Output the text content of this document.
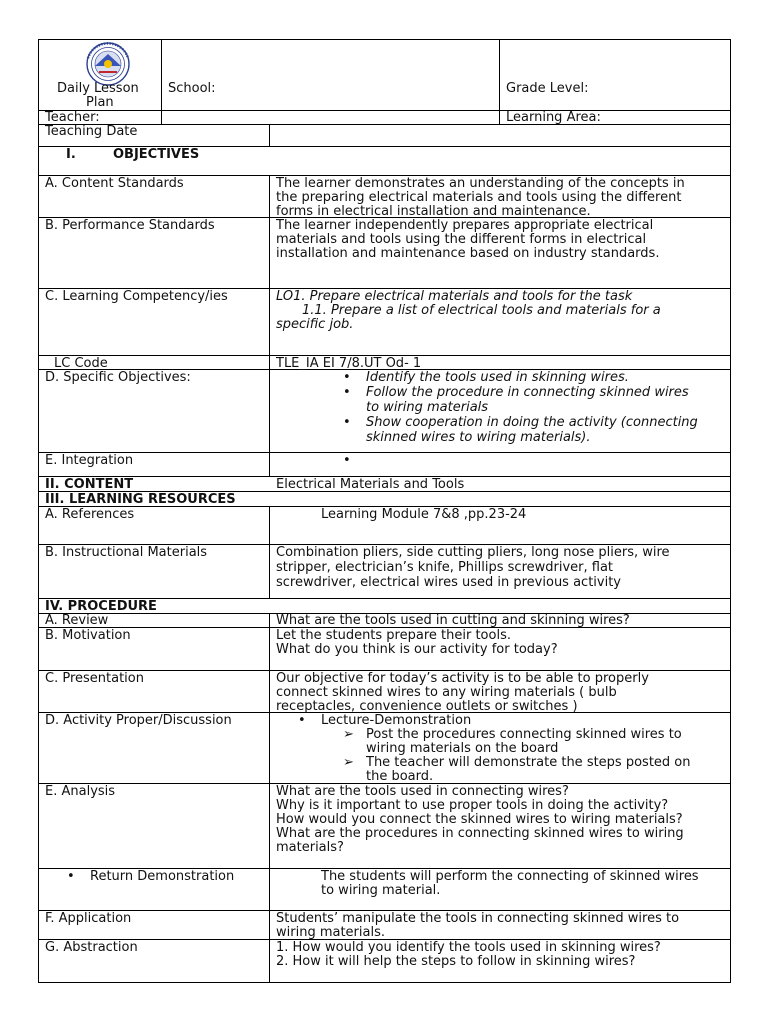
Daily Lesson
Plan
School:	Grade Level:
Teacher:	Learning Area:
Teaching Date
I.	OBJECTIVES
A. Content Standards	The learner demonstrates an understanding of the concepts in
the preparing electrical materials and tools using the different
forms in electrical installation and maintenance.
B. Performance Standards	The learner independently prepares appropriate electrical
materials and tools using the different forms in electrical
installation and maintenance based on industry standards.
C. Learning Competency/ies	LO1. Prepare electrical materials and tools for the task
1.1. Prepare a list of electrical tools and materials for a
specific job.
LC Code	TLE_IA EI 7/8.UT Od- 1
D. Specific Objectives:	• Identify the tools used in skinning wires.
• Follow the procedure in connecting skinned wires
to wiring materials
• Show cooperation in doing the activity (connecting
skinned wires to wiring materials).
E. Integration	•
II. CONTENT	Electrical Materials and Tools
III. LEARNING RESOURCES
A. References	Learning Module 7&8 ,pp.23-24
B. Instructional Materials	Combination pliers, side cutting pliers, long nose pliers, wire
stripper, electrician’s knife, Phillips screwdriver, flat
screwdriver, electrical wires used in previous activity
IV. PROCEDURE
A. Review	What are the tools used in cutting and skinning wires?
B. Motivation	Let the students prepare their tools.
What do you think is our activity for today?
C. Presentation	Our objective for today’s activity is to be able to properly
connect skinned wires to any wiring materials ( bulb
receptacles, convenience outlets or switches )
D. Activity Proper/Discussion	• Lecture-Demonstration
➢ Post the procedures connecting skinned wires to
wiring materials on the board
➢ The teacher will demonstrate the steps posted on
the board.
E. Analysis	What are the tools used in connecting wires?
Why is it important to use proper tools in doing the activity?
How would you connect the skinned wires to wiring materials?
What are the procedures in connecting skinned wires to wiring
materials?
• Return Demonstration	The students will perform the connecting of skinned wires
to wiring material.
F. Application	Students’ manipulate the tools in connecting skinned wires to
wiring materials.
G. Abstraction	1. How would you identify the tools used in skinning wires?
2. How it will help the steps to follow in skinning wires?
